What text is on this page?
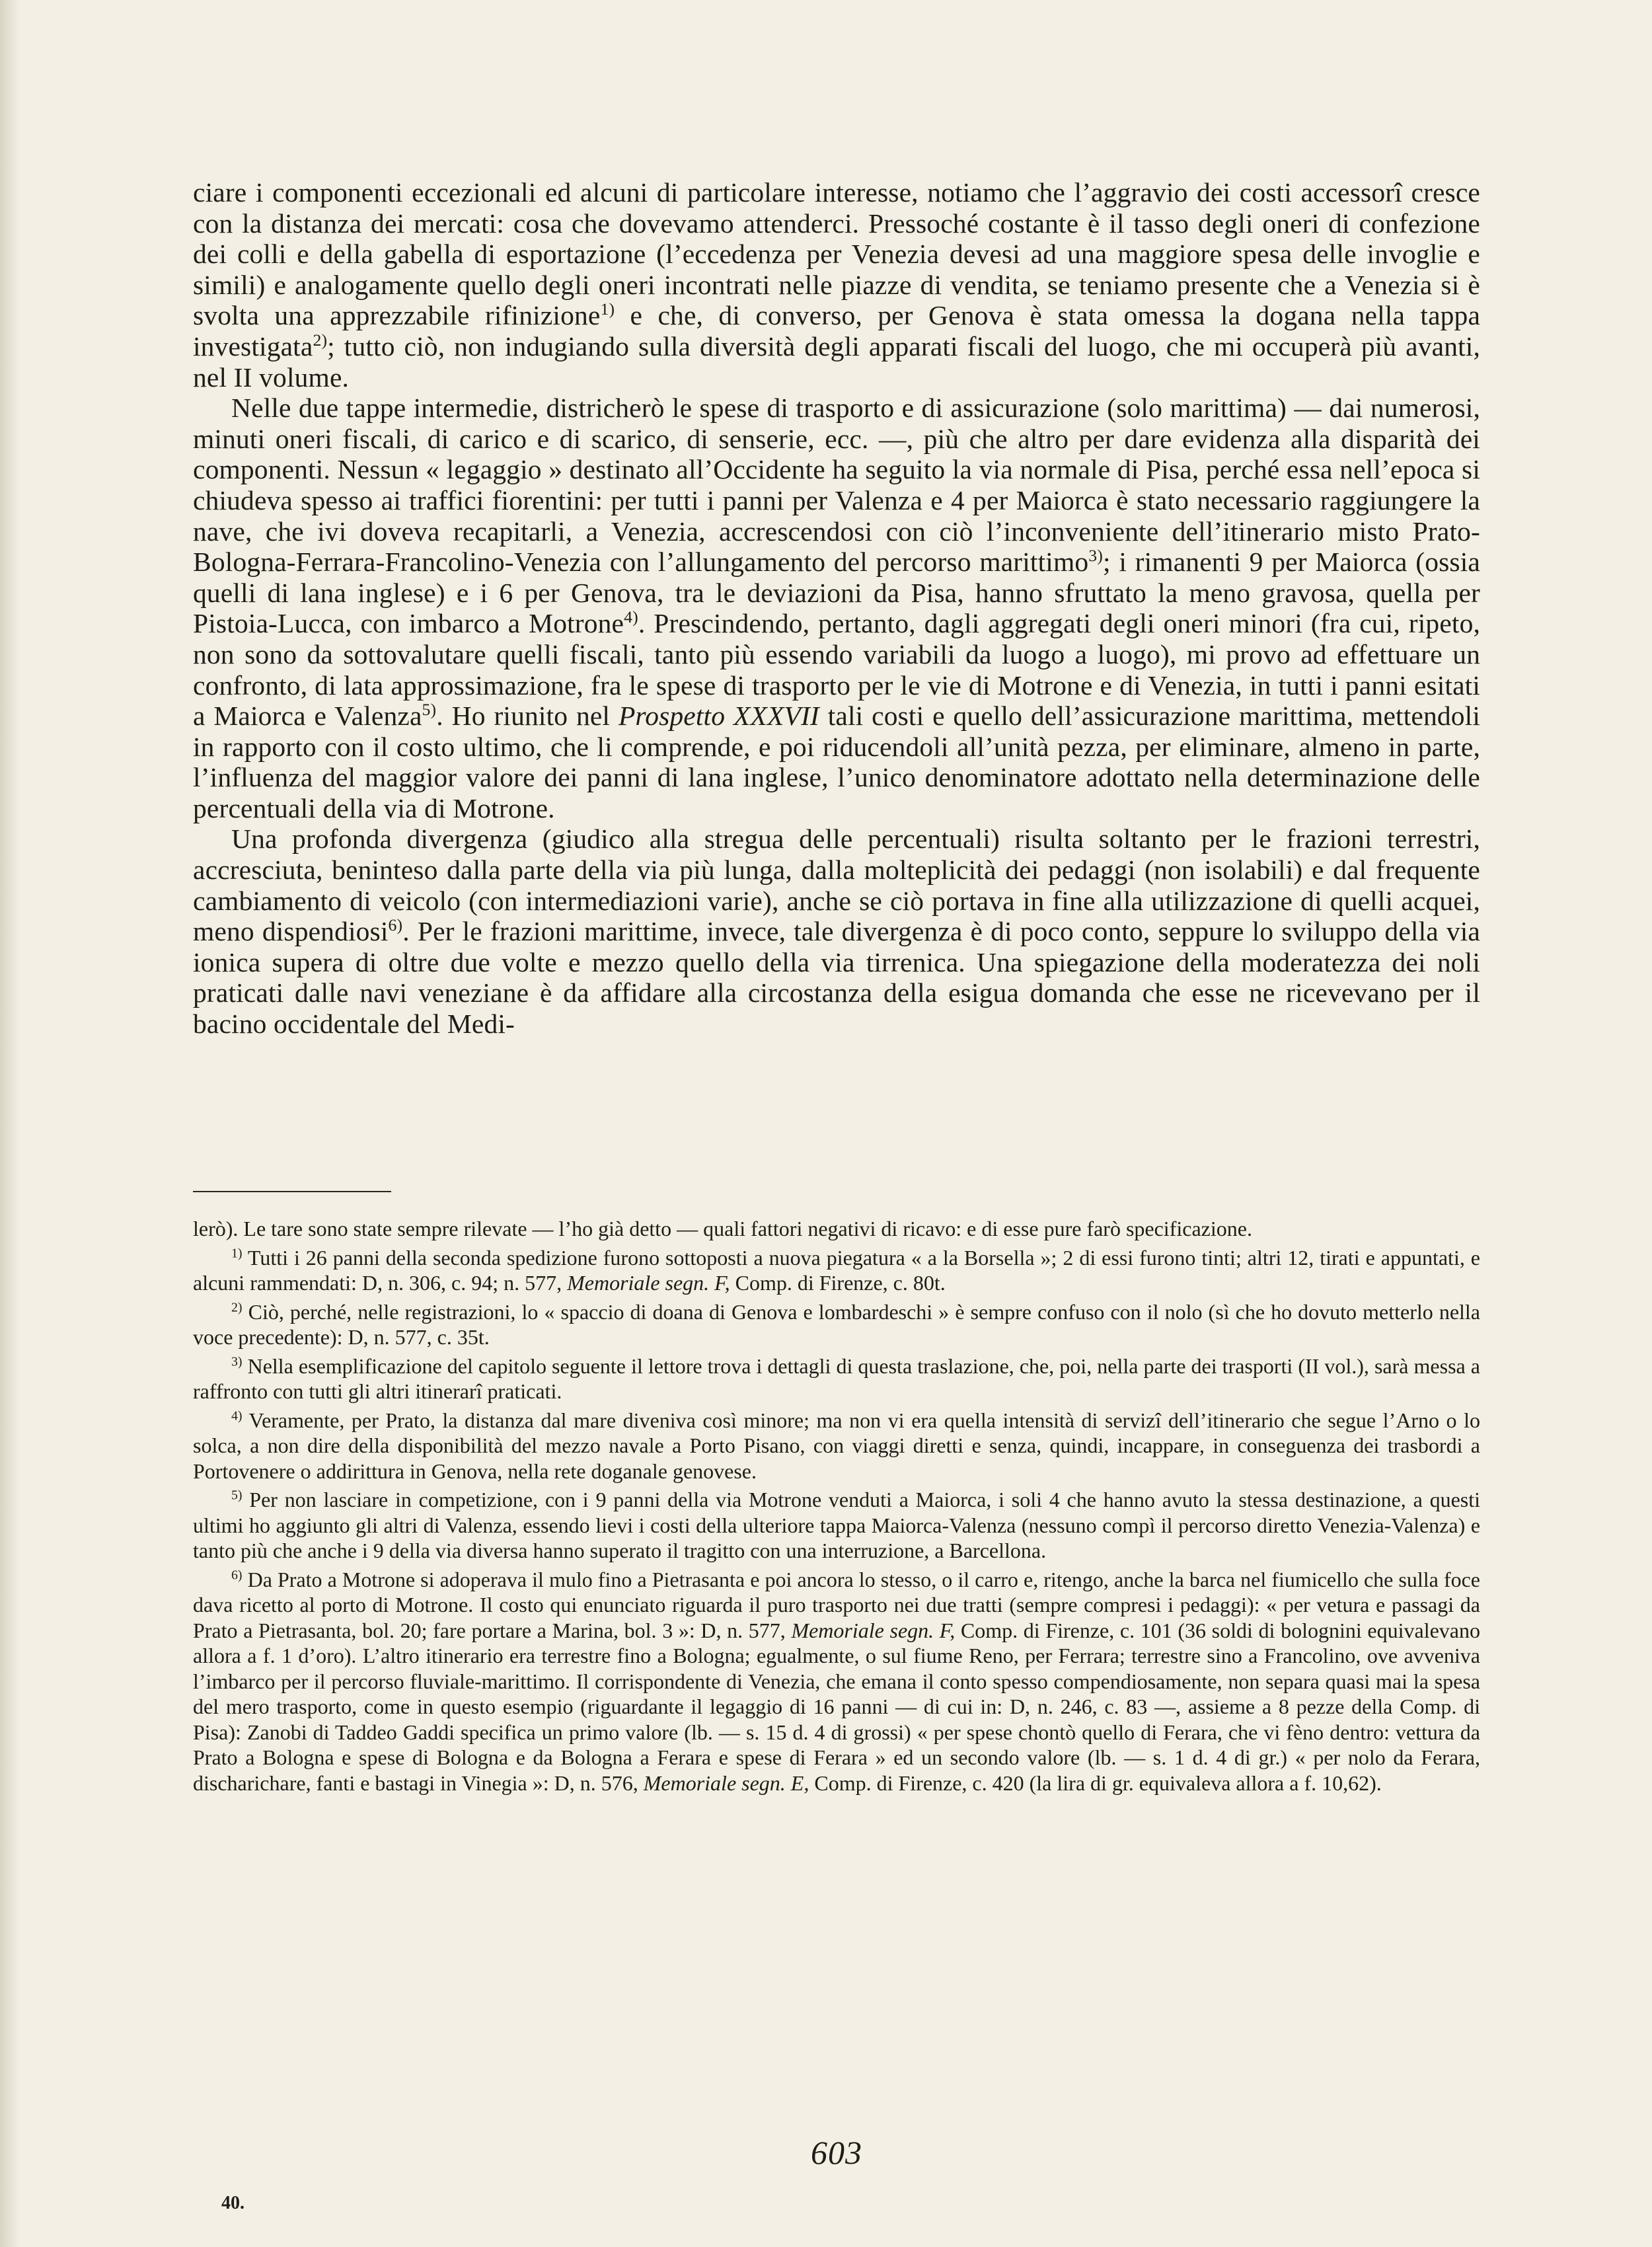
ciare i componenti eccezionali ed alcuni di particolare interesse, notiamo che l’aggravio dei costi accessorî cresce con la distanza dei mercati: cosa che dovevamo attenderci. Pressoché costante è il tasso degli oneri di confezione dei colli e della gabella di esportazione (l’eccedenza per Venezia devesi ad una maggiore spesa delle invoglie e simili) e analogamente quello degli oneri incontrati nelle piazze di vendita, se teniamo presente che a Venezia si è svolta una apprezzabile rifinizione$^{1)}$ e che, di converso, per Genova è stata omessa la dogana nella tappa investigata$^{2)}$; tutto ciò, non indugiando sulla diversità degli apparati fiscali del luogo, che mi occuperà più avanti, nel II volume.

Nelle due tappe intermedie, districherò le spese di trasporto e di assicurazione (solo marittima) — dai numerosi, minuti oneri fiscali, di carico e di scarico, di senserie, ecc. —, più che altro per dare evidenza alla disparità dei componenti. Nessun « legaggio » destinato all’Occidente ha seguito la via normale di Pisa, perché essa nell’epoca si chiudeva spesso ai traffici fiorentini: per tutti i panni per Valenza e 4 per Maiorca è stato necessario raggiungere la nave, che ivi doveva recapitarli, a Venezia, accrescendosi con ciò l’inconveniente dell’itinerario misto Prato-Bologna-Ferrara-Francolino-Venezia con l’allungamento del percorso marittimo$^{3)}$; i rimanenti 9 per Maiorca (ossia quelli di lana inglese) e i 6 per Genova, tra le deviazioni da Pisa, hanno sfruttato la meno gravosa, quella per Pistoia-Lucca, con imbarco a Motrone$^{4)}$. Prescindendo, pertanto, dagli aggregati degli oneri minori (fra cui, ripeto, non sono da sottovalutare quelli fiscali, tanto più essendo variabili da luogo a luogo), mi provo ad effettuare un confronto, di lata approssimazione, fra le spese di trasporto per le vie di Motrone e di Venezia, in tutti i panni esitati a Maiorca e Valenza$^{5)}$. Ho riunito nel Prospetto XXXVII tali costi e quello dell’assicurazione marittima, mettendoli in rapporto con il costo ultimo, che li comprende, e poi riducendoli all’unità pezza, per eliminare, almeno in parte, l’influenza del maggior valore dei panni di lana inglese, l’unico denominatore adottato nella determinazione delle percentuali della via di Motrone.

Una profonda divergenza (giudico alla stregua delle percentuali) risulta soltanto per le frazioni terrestri, accresciuta, beninteso dalla parte della via più lunga, dalla molteplicità dei pedaggi (non isolabili) e dal frequente cambiamento di veicolo (con intermediazioni varie), anche se ciò portava in fine alla utilizzazione di quelli acquei, meno dispendiosi$^{6)}$. Per le frazioni marittime, invece, tale divergenza è di poco conto, seppure lo sviluppo della via ionica supera di oltre due volte e mezzo quello della via tirrenica. Una spiegazione della moderatezza dei noli praticati dalle navi veneziane è da affidare alla circostanza della esigua domanda che esse ne ricevevano per il bacino occidentale del Medi-

lerò). Le tare sono state sempre rilevate — l’ho già detto — quali fattori negativi di ricavo: e di esse pure farò specificazione.

$^{1)}$ Tutti i 26 panni della seconda spedizione furono sottoposti a nuova piegatura « a la Borsella »; 2 di essi furono tinti; altri 12, tirati e appuntati, e alcuni rammendati: D, n. 306, c. 94; n. 577, Memoriale segn. F, Comp. di Firenze, c. 80t.

$^{2)}$ Ciò, perché, nelle registrazioni, lo « spaccio di doana di Genova e lombardeschi » è sempre confuso con il nolo (sì che ho dovuto metterlo nella voce precedente): D, n. 577, c. 35t.

$^{3)}$ Nella esemplificazione del capitolo seguente il lettore trova i dettagli di questa traslazione, che, poi, nella parte dei trasporti (II vol.), sarà messa a raffronto con tutti gli altri itinerarî praticati.

$^{4)}$ Veramente, per Prato, la distanza dal mare diveniva così minore; ma non vi era quella intensità di servizî dell’itinerario che segue l’Arno o lo solca, a non dire della disponibilità del mezzo navale a Porto Pisano, con viaggi diretti e senza, quindi, incappare, in conseguenza dei trasbordi a Portovenere o addirittura in Genova, nella rete doganale genovese.

$^{5)}$ Per non lasciare in competizione, con i 9 panni della via Motrone venduti a Maiorca, i soli 4 che hanno avuto la stessa destinazione, a questi ultimi ho aggiunto gli altri di Valenza, essendo lievi i costi della ulteriore tappa Maiorca-Valenza (nessuno compì il percorso diretto Venezia-Valenza) e tanto più che anche i 9 della via diversa hanno superato il tragitto con una interruzione, a Barcellona.

$^{6)}$ Da Prato a Motrone si adoperava il mulo fino a Pietrasanta e poi ancora lo stesso, o il carro e, ritengo, anche la barca nel fiumicello che sulla foce dava ricetto al porto di Motrone. Il costo qui enunciato riguarda il puro trasporto nei due tratti (sempre compresi i pedaggi): « per vetura e passagi da Prato a Pietrasanta, bol. 20; fare portare a Marina, bol. 3 »: D, n. 577, Memoriale segn. F, Comp. di Firenze, c. 101 (36 soldi di bolognini equivalevano allora a f. 1 d’oro). L’altro itinerario era terrestre fino a Bologna; egualmente, o sul fiume Reno, per Ferrara; terrestre sino a Francolino, ove avveniva l’imbarco per il percorso fluviale-marittimo. Il corrispondente di Venezia, che emana il conto spesso compendiosamente, non separa quasi mai la spesa del mero trasporto, come in questo esempio (riguardante il legaggio di 16 panni — di cui in: D, n. 246, c. 83 —, assieme a 8 pezze della Comp. di Pisa): Zanobi di Taddeo Gaddi specifica un primo valore (lb. — s. 15 d. 4 di grossi) « per spese chontò quello di Ferara, che vi fèno dentro: vettura da Prato a Bologna e spese di Bologna e da Bologna a Ferara e spese di Ferara » ed un secondo valore (lb. — s. 1 d. 4 di gr.) « per nolo da Ferara, discharichare, fanti e bastagi in Vinegia »: D, n. 576, Memoriale segn. E, Comp. di Firenze, c. 420 (la lira di gr. equivaleva allora a f. 10,62).

603
40.
